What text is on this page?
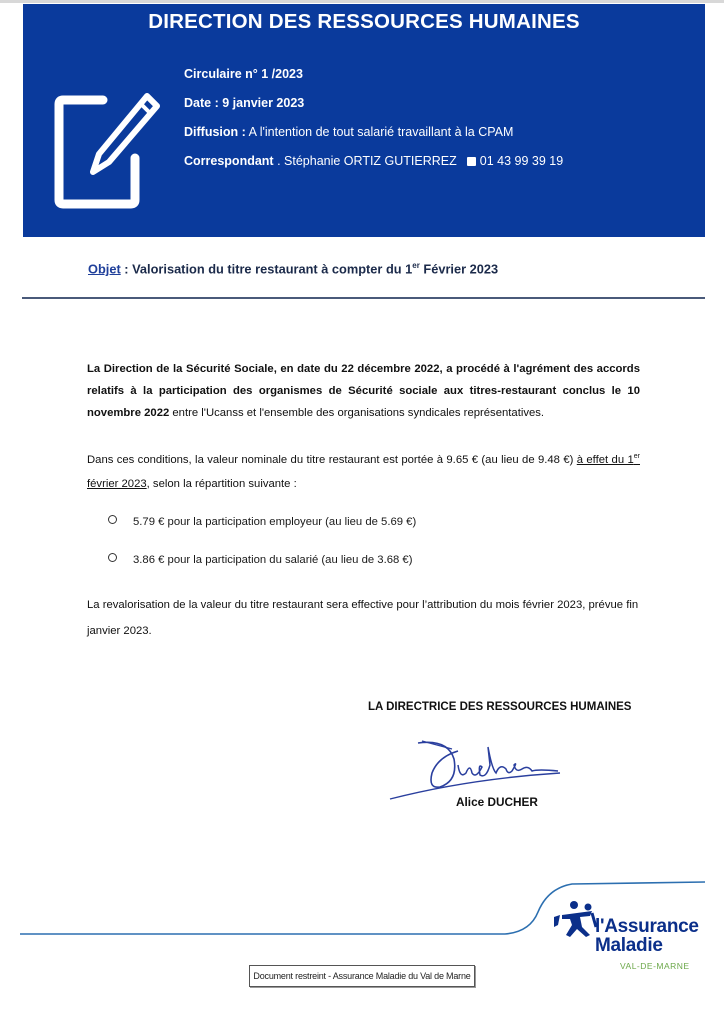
DIRECTION DES RESSOURCES HUMAINES
Circulaire n° 1 /2023
Date : 9 janvier 2023
Diffusion : A l'intention de tout salarié travaillant à la CPAM
Correspondant . Stéphanie ORTIZ GUTIERREZ 01 43 99 39 19
Objet : Valorisation du titre restaurant à compter du 1er Février 2023
La Direction de la Sécurité Sociale, en date du 22 décembre 2022, a procédé à l'agrément des accords relatifs à la participation des organismes de Sécurité sociale aux titres-restaurant conclus le 10 novembre 2022 entre l'Ucanss et l'ensemble des organisations syndicales représentatives.
Dans ces conditions, la valeur nominale du titre restaurant est portée à 9.65 € (au lieu de 9.48 €) à effet du 1er février 2023, selon la répartition suivante :
5.79 € pour la participation employeur (au lieu de 5.69 €)
3.86 € pour la participation du salarié (au lieu de 3.68 €)
La revalorisation de la valeur du titre restaurant sera effective pour l’attribution du mois février 2023, prévue fin janvier 2023.
LA DIRECTRICE DES RESSOURCES HUMAINES
Alice DUCHER
l'Assurance
Maladie
VAL-DE-MARNE
Document restreint - Assurance Maladie du Val de Marne
